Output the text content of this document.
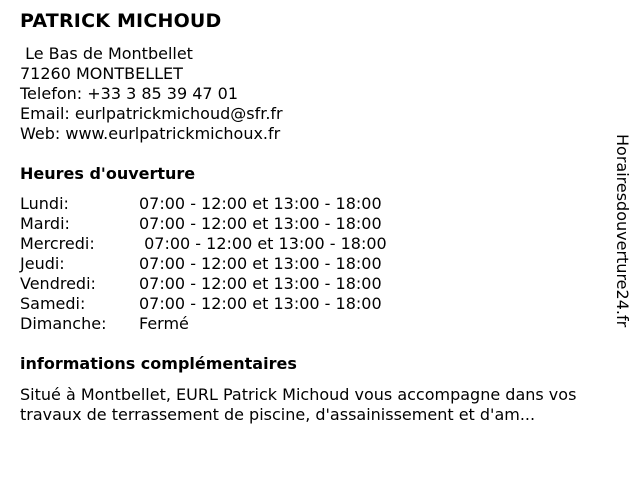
PATRICK MICHOUD
Le Bas de Montbellet
71260 MONTBELLET
Telefon: +33 3 85 39 47 01
Email: eurlpatrickmichoud@sfr.fr
Web: www.eurlpatrickmichoux.fr
Heures d'ouverture
Lundi:	07:00 - 12:00 et 13:00 - 18:00
Mardi:	07:00 - 12:00 et 13:00 - 18:00
Mercredi:	07:00 - 12:00 et 13:00 - 18:00
Jeudi:	07:00 - 12:00 et 13:00 - 18:00
Vendredi:	07:00 - 12:00 et 13:00 - 18:00
Samedi:	07:00 - 12:00 et 13:00 - 18:00
Dimanche: Fermé
informations complémentaires
Situé à Montbellet, EURL Patrick Michoud vous accompagne dans vos travaux de terrassement de piscine, d'assainissement et d'am...
Horairesdouverture24.fr
